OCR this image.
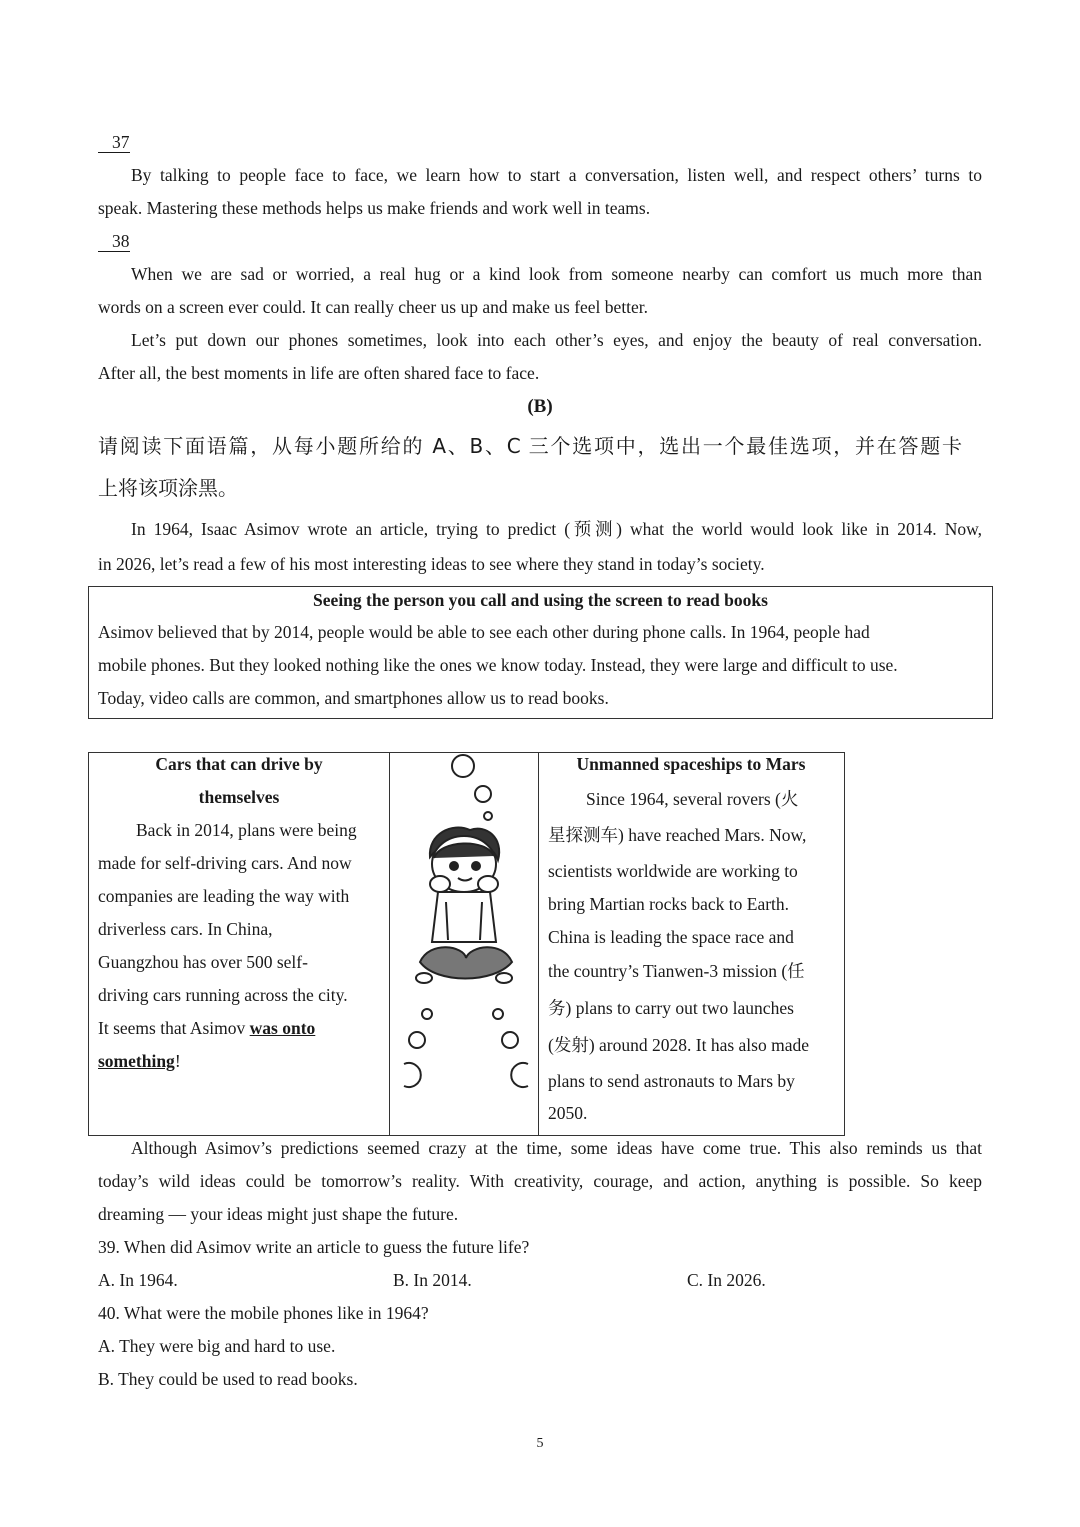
37
By talking to people face to face, we learn how to start a conversation, listen well, and respect others’ turns to
speak. Mastering these methods helps us make friends and work well in teams.
38
When we are sad or worried, a real hug or a kind look from someone nearby can comfort us much more than
words on a screen ever could. It can really cheer us up and make us feel better.
Let’s put down our phones sometimes, look into each other’s eyes, and enjoy the beauty of real conversation.
After all, the best moments in life are often shared face to face.
(B)
请阅读下面语篇，从每小题所给的 A、B、C 三个选项中，选出一个最佳选项，并在答题卡
上将该项涂黑。
In 1964, Isaac Asimov wrote an article, trying to predict (预测) what the world would look like in 2014. Now,
in 2026, let’s read a few of his most interesting ideas to see where they stand in today’s society.
Seeing the person you call and using the screen to read books
Asimov believed that by 2014, people would be able to see each other during phone calls. In 1964, people had
mobile phones. But they looked nothing like the ones we know today. Instead, they were large and difficult to use.
Today, video calls are common, and smartphones allow us to read books.
Cars that can drive by
themselves
Back in 2014, plans were being
made for self-driving cars. And now
companies are leading the way with
driverless cars. In China,
Guangzhou has over 500 self-
driving cars running across the city.
It seems that Asimov was onto
something!
Unmanned spaceships to Mars
Since 1964, several rovers (火
星探测车) have reached Mars. Now,
scientists worldwide are working to
bring Martian rocks back to Earth.
China is leading the space race and
the country’s Tianwen-3 mission (任
务) plans to carry out two launches
(发射) around 2028. It has also made
plans to send astronauts to Mars by
2050.
Although Asimov’s predictions seemed crazy at the time, some ideas have come true. This also reminds us that
today’s wild ideas could be tomorrow’s reality. With creativity, courage, and action, anything is possible. So keep
dreaming — your ideas might just shape the future.
39. When did Asimov write an article to guess the future life?
A. In 1964.	B. In 2014.	C. In 2026.
40. What were the mobile phones like in 1964?
A. They were big and hard to use.
B. They could be used to read books.
5
